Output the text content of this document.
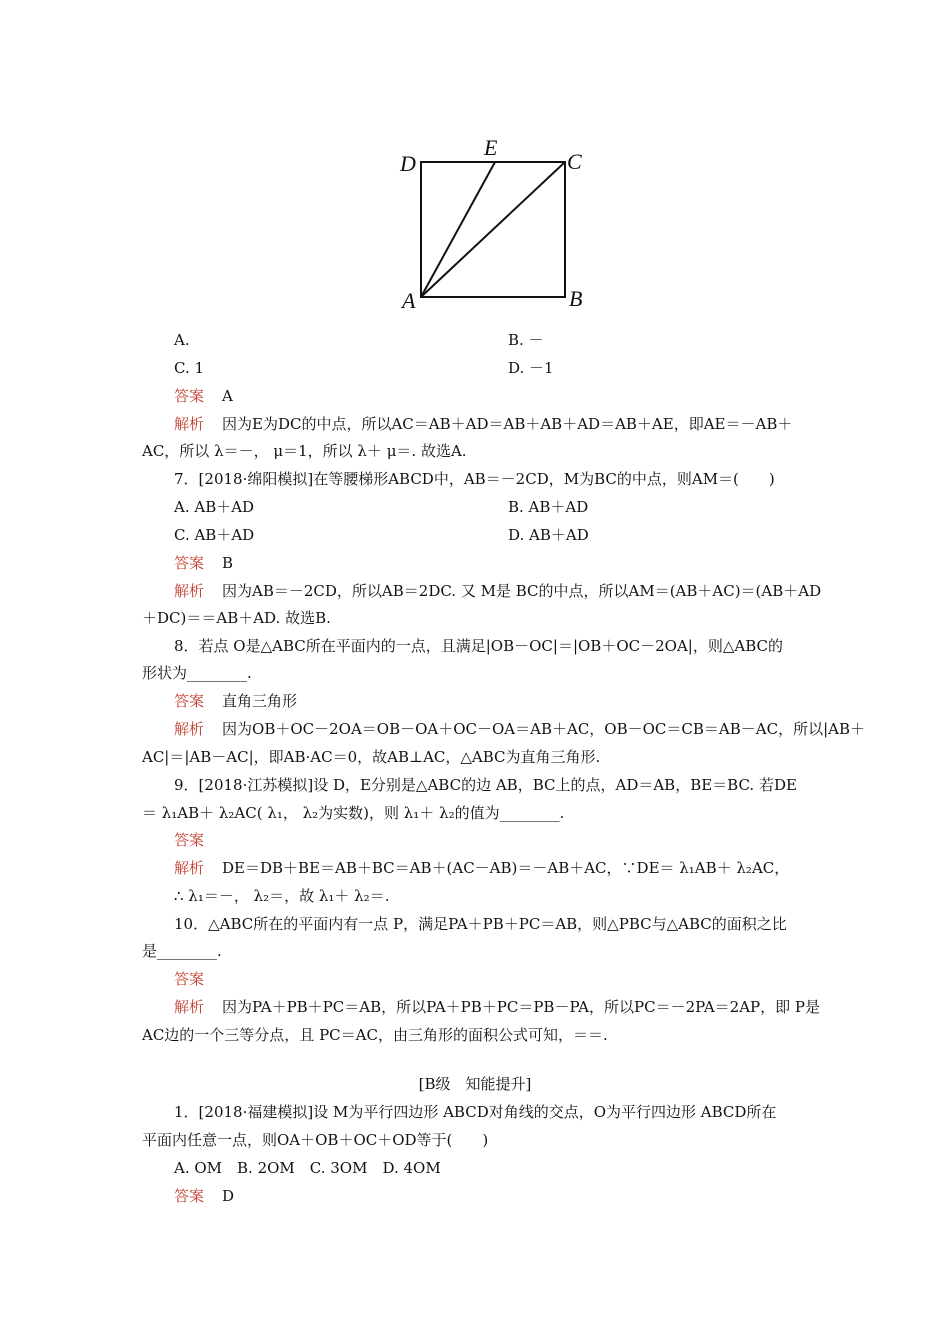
D
E
C
A	B
A.	B. －
C. 1	D. －1
答案 A
解析 因为E为DC的中点，所以AC＝AB＋AD＝AB＋AB＋AD＝AB＋AE，即AE＝－AB＋
AC，所以 λ＝－， μ＝1，所以 λ＋ μ＝. 故选A.
7．[2018·绵阳模拟]在等腰梯形ABCD中，AB＝－2CD，M为BC的中点，则AM＝(　　)
A. AB＋AD	B. AB＋AD
C. AB＋AD	D. AB＋AD
答案 B
解析 因为AB＝－2CD，所以AB＝2DC. 又 M是 BC的中点，所以AM＝(AB＋AC)＝(AB＋AD
＋DC)＝＝AB＋AD. 故选B.
8．若点 O是△ABC所在平面内的一点，且满足|OB－OC|＝|OB＋OC－2OA|，则△ABC的
形状为________.
答案 直角三角形
解析 因为OB＋OC－2OA＝OB－OA＋OC－OA＝AB＋AC，OB－OC＝CB＝AB－AC，所以|AB＋
AC|＝|AB－AC|，即AB·AC＝0，故AB⊥AC，△ABC为直角三角形.
9．[2018·江苏模拟]设 D，E分别是△ABC的边 AB，BC上的点，AD＝AB，BE＝BC. 若DE
＝ λ₁AB＋ λ₂AC( λ₁， λ₂为实数)，则 λ₁＋ λ₂的值为________.
答案
解析 DE＝DB＋BE＝AB＋BC＝AB＋(AC－AB)＝－AB＋AC，∵DE＝ λ₁AB＋ λ₂AC，
∴ λ₁＝－， λ₂＝，故 λ₁＋ λ₂＝.
10．△ABC所在的平面内有一点 P，满足PA＋PB＋PC＝AB，则△PBC与△ABC的面积之比
是________.
答案
解析 因为PA＋PB＋PC＝AB，所以PA＋PB＋PC＝PB－PA，所以PC＝－2PA＝2AP，即 P是
AC边的一个三等分点，且 PC＝AC，由三角形的面积公式可知，＝＝.
[B级　知能提升]
1．[2018·福建模拟]设 M为平行四边形 ABCD对角线的交点，O为平行四边形 ABCD所在
平面内任意一点，则OA＋OB＋OC＋OD等于(　　)
A. OM　B. 2OM　C. 3OM　D. 4OM
答案 D
